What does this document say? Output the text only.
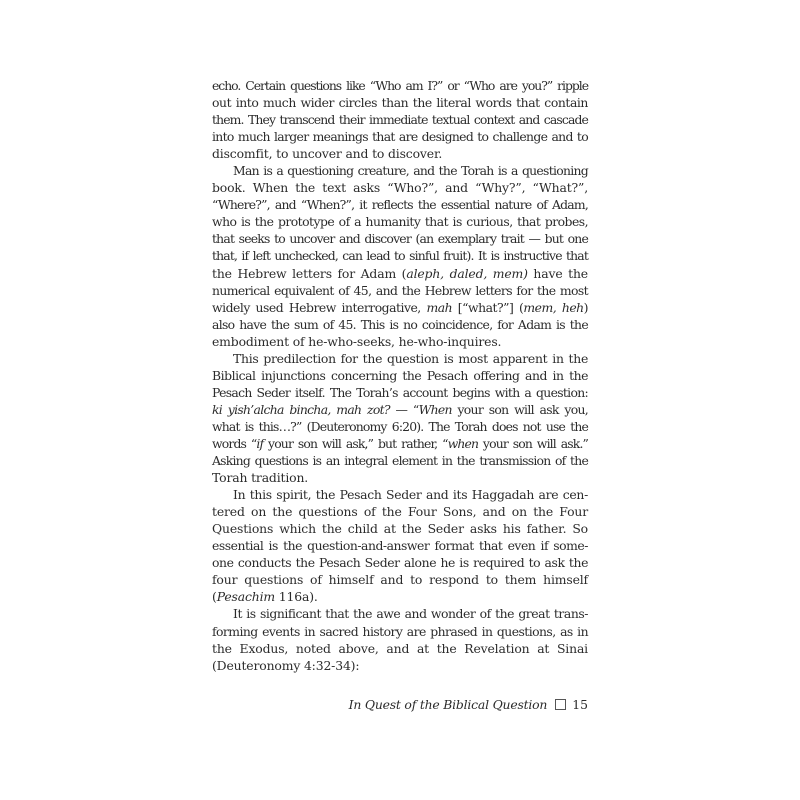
echo. Certain questions like “Who am I?” or “Who are you?” ripple
out into much wider circles than the literal words that contain
them. They transcend their immediate textual context and cascade
into much larger meanings that are designed to challenge and to
discomfit, to uncover and to discover.
Man is a questioning creature, and the Torah is a questioning
book. When the text asks “Who?”, and “Why?”, “What?”,
“Where?”, and “When?”, it reflects the essential nature of Adam,
who is the prototype of a humanity that is curious, that probes,
that seeks to uncover and discover (an exemplary trait — but one
that, if left unchecked, can lead to sinful fruit). It is instructive that
the Hebrew letters for Adam (aleph, daled, mem) have the
numerical equivalent of 45, and the Hebrew letters for the most
widely used Hebrew interrogative, mah [“what?”] (mem, heh)
also have the sum of 45. This is no coincidence, for Adam is the
embodiment of he-who-seeks, he-who-inquires.
This predilection for the question is most apparent in the
Biblical injunctions concerning the Pesach offering and in the
Pesach Seder itself. The Torah’s account begins with a question:
ki yish’alcha bincha, mah zot? — “When your son will ask you,
what is this…?” (Deuteronomy 6:20). The Torah does not use the
words “if your son will ask,” but rather, “when your son will ask.”
Asking questions is an integral element in the transmission of the
Torah tradition.
In this spirit, the Pesach Seder and its Haggadah are cen-
tered on the questions of the Four Sons, and on the Four
Questions which the child at the Seder asks his father. So
essential is the question-and-answer format that even if some-
one conducts the Pesach Seder alone he is required to ask the
four questions of himself and to respond to them himself
(Pesachim 116a).
It is significant that the awe and wonder of the great trans-
forming events in sacred history are phrased in questions, as in
the Exodus, noted above, and at the Revelation at Sinai
(Deuteronomy 4:32-34):
In Quest of the Biblical Question 15
